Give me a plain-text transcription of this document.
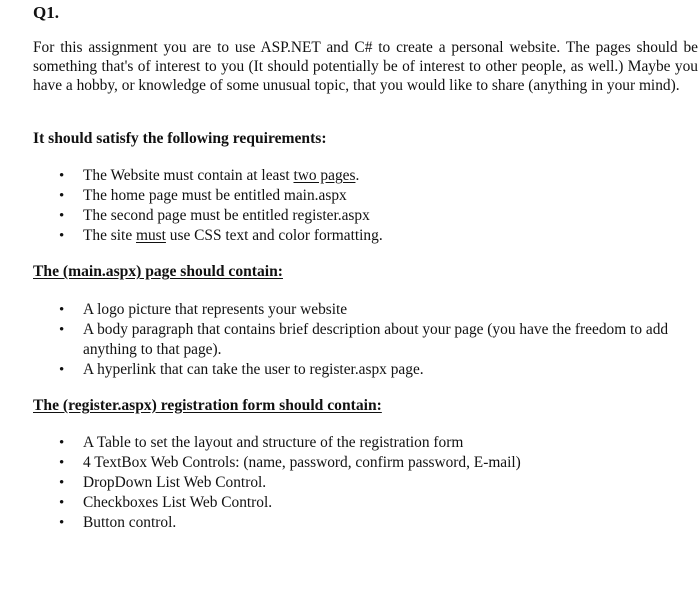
Q1.

For this assignment you are to use ASP.NET and C# to create a personal website. The pages should be something that's of interest to you (It should potentially be of interest to other people, as well.) Maybe you have a hobby, or knowledge of some unusual topic, that you would like to share (anything in your mind).

It should satisfy the following requirements:
• The Website must contain at least two pages.
• The home page must be entitled main.aspx
• The second page must be entitled register.aspx
• The site must use CSS text and color formatting.
The (main.aspx) page should contain:
• A logo picture that represents your website
• A body paragraph that contains brief description about your page (you have the freedom to add anything to that page).
• A hyperlink that can take the user to register.aspx page.
The (register.aspx) registration form should contain:
• A Table to set the layout and structure of the registration form
• 4 TextBox Web Controls: (name, password, confirm password, E-mail)
• DropDown List Web Control.
• Checkboxes List Web Control.
• Button control.
